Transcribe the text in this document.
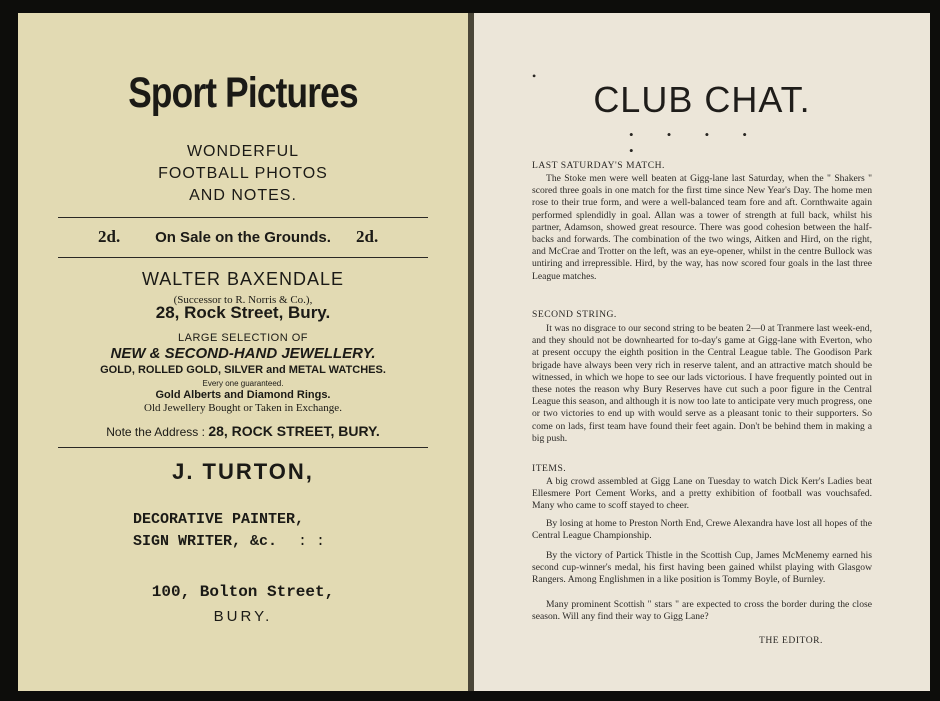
Sport Pictures
WONDERFUL
FOOTBALL PHOTOS
AND NOTES.
2d. On Sale on the Grounds. 2d.
WALTER BAXENDALE
(Successor to R. Norris & Co.),
28, Rock Street, Bury.
LARGE SELECTION OF
NEW & SECOND-HAND JEWELLERY.
GOLD, ROLLED GOLD, SILVER and METAL WATCHES.
Every one guaranteed.
Gold Alberts and Diamond Rings.
Old Jewellery Bought or Taken in Exchange.
Note the Address : 28, ROCK STREET, BURY.
J. TURTON,
DECORATIVE PAINTER,
SIGN WRITER, &c. : :
100, Bolton Street,
BURY.
•
CLUB CHAT.
• • • • •
LAST SATURDAY'S MATCH.

The Stoke men were well beaten at Gigg-lane last Saturday, when the " Shakers " scored three goals in one match for the first time since New Year's Day. The home men rose to their true form, and were a well-balanced team fore and aft. Cornthwaite again performed splendidly in goal. Allan was a tower of strength at full back, whilst his partner, Adamson, showed great resource. There was good cohesion between the half-backs and forwards. The combination of the two wings, Aitken and Hird, on the right, and McCrae and Trotter on the left, was an eye-opener, whilst in the centre Bullock was untiring and irrepressible. Hird, by the way, has now scored four goals in the last three League matches.

SECOND STRING.

It was no disgrace to our second string to be beaten 2—0 at Tranmere last week-end, and they should not be downhearted for to-day's game at Gigg-lane with Everton, who at present occupy the eighth position in the Central League table. The Goodison Park brigade have always been very rich in reserve talent, and an attractive match should be witnessed, in which we hope to see our lads victorious. I have frequently pointed out in these notes the reason why Bury Reserves have cut such a poor figure in the Central League this season, and although it is now too late to anticipate very much progress, one or two victories to end up with would serve as a pleasant tonic to their supporters. So come on lads, first team have found their feet again. Don't be behind them in making a big push.

ITEMS.

A big crowd assembled at Gigg Lane on Tuesday to watch Dick Kerr's Ladies beat Ellesmere Port Cement Works, and a pretty exhibition of football was vouchsafed. Many who came to scoff stayed to cheer.

By losing at home to Preston North End, Crewe Alexandra have lost all hopes of the Central League Championship.

By the victory of Partick Thistle in the Scottish Cup, James McMenemy earned his second cup-winner's medal, his first having been gained whilst playing with Glasgow Rangers. Among Englishmen in a like position is Tommy Boyle, of Burnley.

Many prominent Scottish " stars " are expected to cross the border during the close season. Will any find their way to Gigg Lane?

THE EDITOR.
